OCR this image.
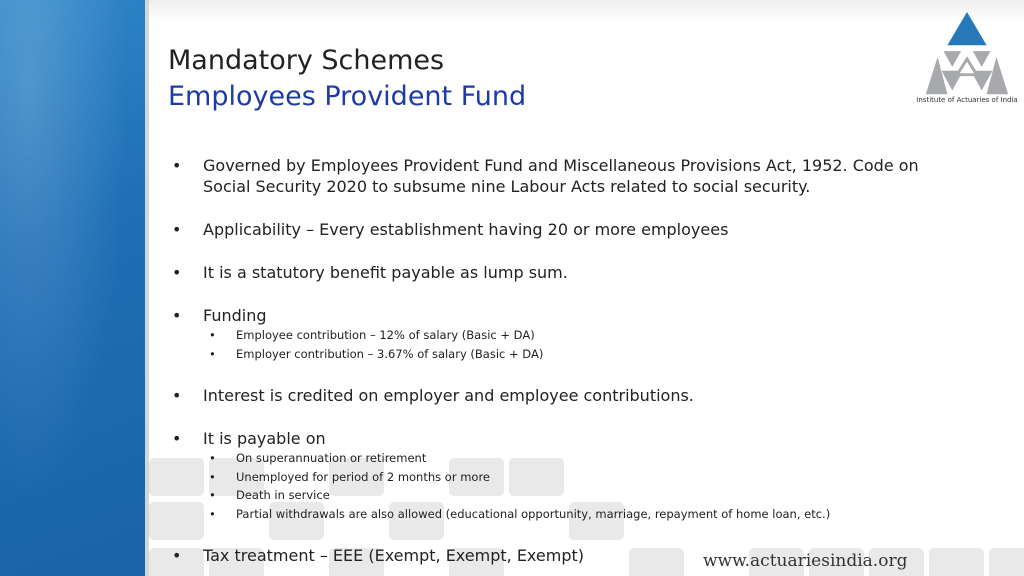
Mandatory Schemes
Employees Provident Fund	Institute of Actuaries of India
• Governed by Employees Provident Fund and Miscellaneous Provisions Act, 1952. Code on Social Security 2020 to subsume nine Labour Acts related to social security.
• Applicability – Every establishment having 20 or more employees
• It is a statutory benefit payable as lump sum.
• Funding
• Employee contribution – 12% of salary (Basic + DA)
• Employer contribution – 3.67% of salary (Basic + DA)
• Interest is credited on employer and employee contributions.
• It is payable on
• On superannuation or retirement
• Unemployed for period of 2 months or more
• Death in service
• Partial withdrawals are also allowed (educational opportunity, marriage, repayment of home loan, etc.)
• Tax treatment – EEE (Exempt, Exempt, Exempt)	www.actuariesindia.org
